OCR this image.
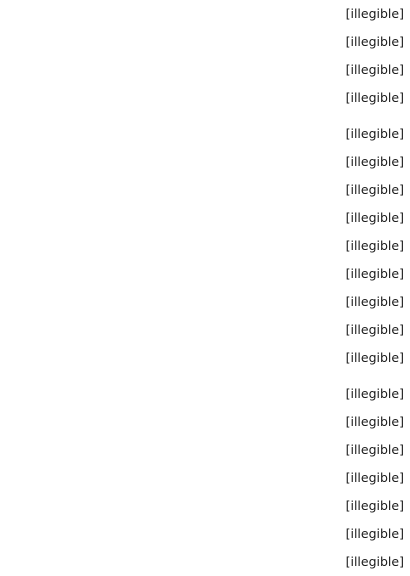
[illegible]
[illegible]
[illegible]
[illegible]
[illegible]
[illegible]
[illegible]
[illegible]
[illegible]
[illegible]
[illegible]
[illegible]
[illegible]
[illegible]
[illegible]
[illegible]
[illegible]
[illegible]
[illegible]
[illegible]
